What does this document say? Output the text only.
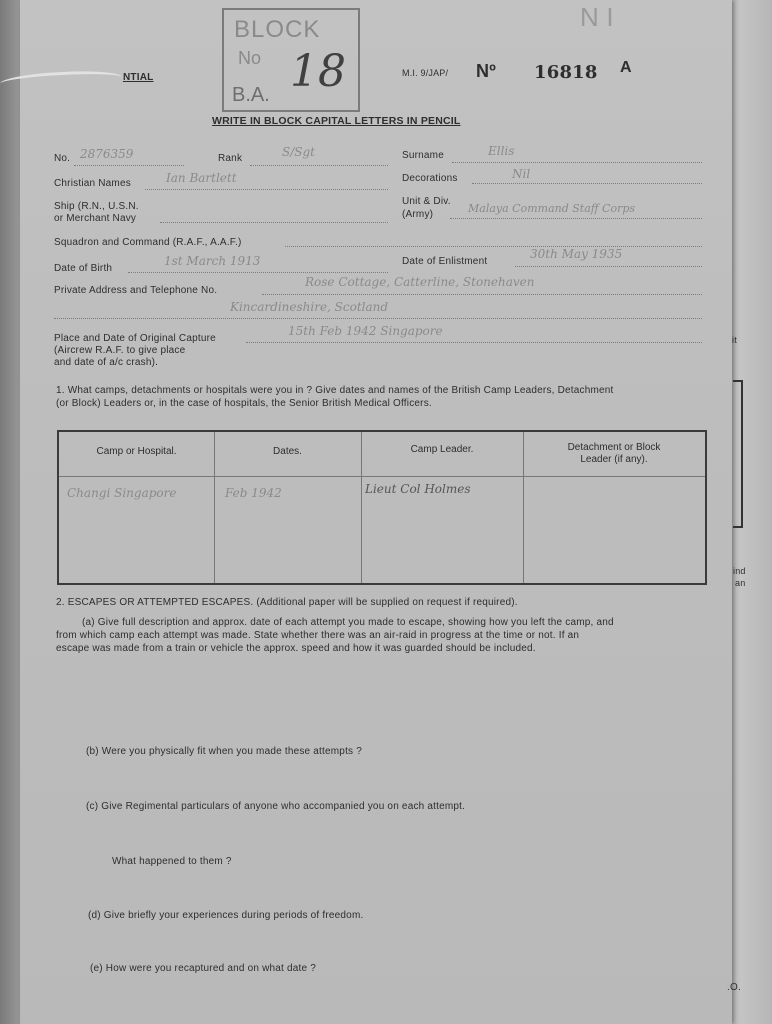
NTIAL
BLOCK
No
B.A. 18	M.I. 9/JAP/ Nº 16818 A
N I
WRITE IN BLOCK CAPITAL LETTERS IN PENCIL
No. 2876359	Rank	S/Sgt	Surname	Ellis
Christian Names	Ian Bartlett	Decorations	Nil
Ship (R.N., U.S.N.
or Merchant Navy
Unit & Div.
(Army)	Malaya Command Staff Corps
Squadron and Command (R.A.F., A.A.F.)
Date of Birth
1st March 1913	Date of Enlistment
30th May 1935
Private Address and Telephone No.
Rose Cottage, Catterline, Stonehaven
Kincardineshire, Scotland
Place and Date of Original Capture
(Aircrew R.A.F. to give place
and date of a/c crash).
15th Feb 1942 Singapore
1. What camps, detachments or hospitals were you in ? Give dates and names of the British Camp Leaders, Detachment
(or Block) Leaders or, in the case of hospitals, the Senior British Medical Officers.
Camp or Hospital.	Dates.	Camp Leader.	Detachment or Block
Leader (if any).
Changi Singapore	Feb 1942	Lieut Col Holmes
2. ESCAPES OR ATTEMPTED ESCAPES. (Additional paper will be supplied on request if required).
(a) Give full description and approx. date of each attempt you made to escape, showing how you left the camp, and
from which camp each attempt was made. State whether there was an air-raid in progress at the time or not. If an
escape was made from a train or vehicle the approx. speed and how it was guarded should be included.
(b) Were you physically fit when you made these attempts ?
(c) Give Regimental particulars of anyone who accompanied you on each attempt.
What happened to them ?
(d) Give briefly your experiences during periods of freedom.
(e) How were you recaptured and on what date ?
it
ind
an
.O.
